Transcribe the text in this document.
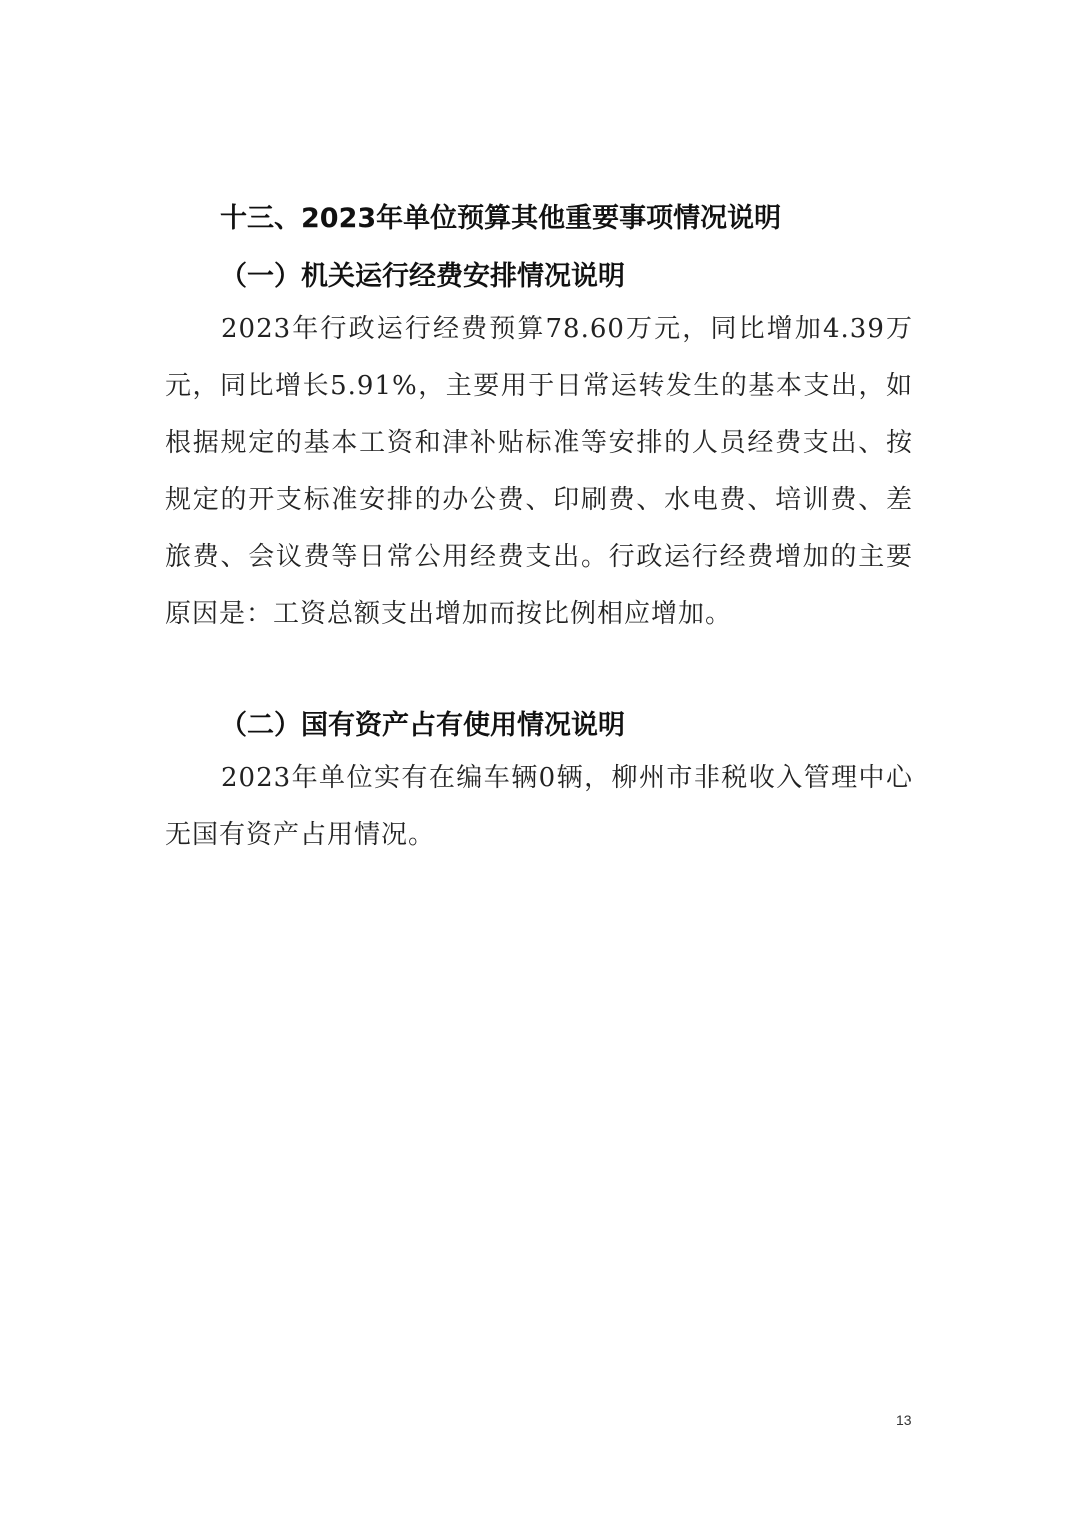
十三、2023年单位预算其他重要事项情况说明
（一）机关运行经费安排情况说明

2023年行政运行经费预算78.60万元，同比增加4.39万元，同比增长5.91%，主要用于日常运转发生的基本支出，如根据规定的基本工资和津补贴标准等安排的人员经费支出、按规定的开支标准安排的办公费、印刷费、水电费、培训费、差旅费、会议费等日常公用经费支出。行政运行经费增加的主要原因是：工资总额支出增加而按比例相应增加。

（二）国有资产占有使用情况说明

2023年单位实有在编车辆0辆，柳州市非税收入管理中心无国有资产占用情况。

13
